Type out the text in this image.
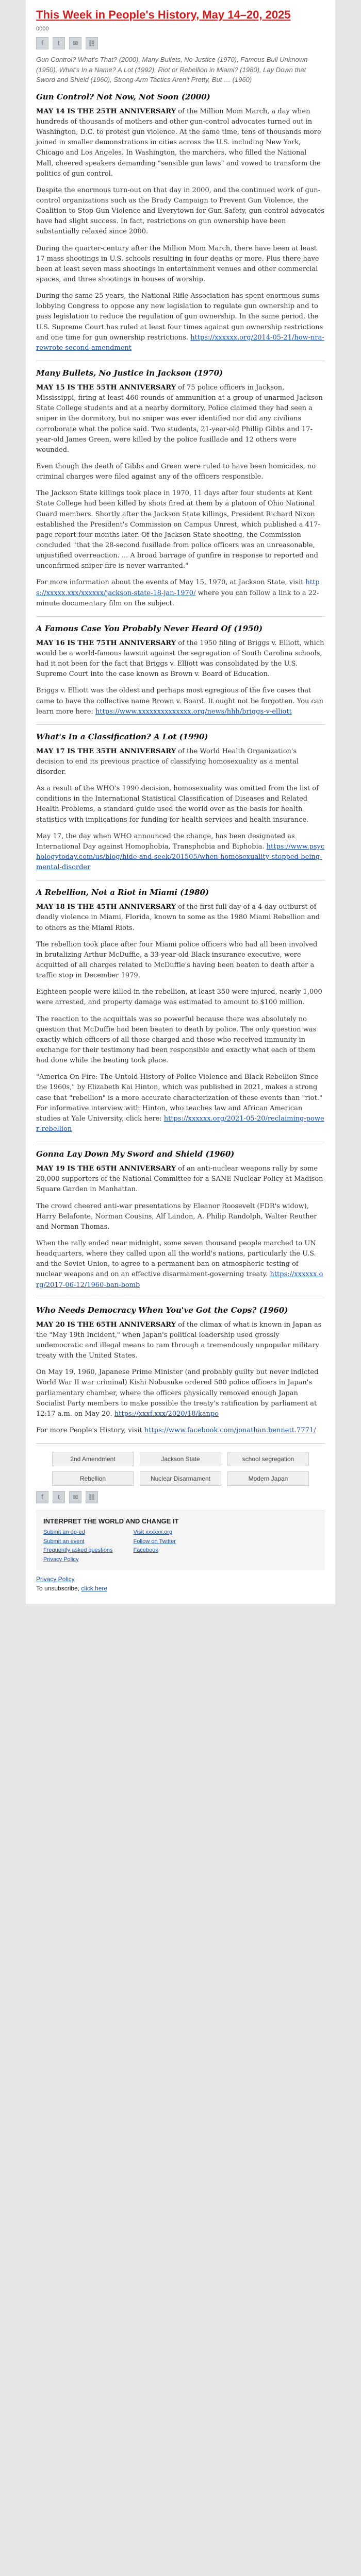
This Week in People's History, May 14–20, 2025
0000
f	t	✉	⛓
Gun Control? What's That? (2000), Many Bullets, No Justice (1970), Famous Bull Unknown (1950), What's In a Name? A Lot (1992), Riot or Rebellion in Miami? (1980), Lay Down that Sword and Shield (1960), Strong-Arm Tactics Aren't Pretty, But … (1960)
Gun Control? Not Now, Not Soon (2000)

MAY 14 IS THE 25TH ANNIVERSARY of the Million Mom March, a day when hundreds of thousands of mothers and other gun-control advocates turned out in Washington, D.C. to protest gun violence. At the same time, tens of thousands more joined in smaller demonstrations in cities across the U.S. including New York, Chicago and Los Angeles. In Washington, the marchers, who filled the National Mall, cheered speakers demanding "sensible gun laws" and vowed to transform the politics of gun control.

Despite the enormous turn-out on that day in 2000, and the continued work of gun-control organizations such as the Brady Campaign to Prevent Gun Violence, the Coalition to Stop Gun Violence and Everytown for Gun Safety, gun-control advocates have had slight success. In fact, restrictions on gun ownership have been substantially relaxed since 2000.

During the quarter-century after the Million Mom March, there have been at least 17 mass shootings in U.S. schools resulting in four deaths or more. Plus there have been at least seven mass shootings in entertainment venues and other commercial spaces, and three shootings in houses of worship.

During the same 25 years, the National Rifle Association has spent enormous sums lobbying Congress to oppose any new legislation to regulate gun ownership and to pass legislation to reduce the regulation of gun ownership. In the same period, the U.S. Supreme Court has ruled at least four times against gun ownership restrictions and one time for gun ownership restrictions. https://xxxxxx.org/2014-05-21/how-nra-rewrote-second-amendment

Many Bullets, No Justice in Jackson (1970)

MAY 15 IS THE 55TH ANNIVERSARY of 75 police officers in Jackson, Mississippi, firing at least 460 rounds of ammunition at a group of unarmed Jackson State College students and at a nearby dormitory. Police claimed they had seen a sniper in the dormitory, but no sniper was ever identified nor did any civilians corroborate what the police said. Two students, 21-year-old Phillip Gibbs and 17-year-old James Green, were killed by the police fusillade and 12 others were wounded.

Even though the death of Gibbs and Green were ruled to have been homicides, no criminal charges were filed against any of the officers responsible.

The Jackson State killings took place in 1970, 11 days after four students at Kent State College had been killed by shots fired at them by a platoon of Ohio National Guard members. Shortly after the Jackson State killings, President Richard Nixon established the President's Commission on Campus Unrest, which published a 417-page report four months later. Of the Jackson State shooting, the Commission concluded "that the 28-second fusillade from police officers was an unreasonable, unjustified overreaction. ... A broad barrage of gunfire in response to reported and unconfirmed sniper fire is never warranted."

For more information about the events of May 15, 1970, at Jackson State, visit https://xxxxx.xxx/xxxxxx/jackson-state-18-jan-1970/ where you can follow a link to a 22-minute documentary film on the subject.

A Famous Case You Probably Never Heard Of (1950)

MAY 16 IS THE 75TH ANNIVERSARY of the 1950 filing of Briggs v. Elliott, which would be a world-famous lawsuit against the segregation of South Carolina schools, had it not been for the fact that Briggs v. Elliott was consolidated by the U.S. Supreme Court into the case known as Brown v. Board of Education.

Briggs v. Elliott was the oldest and perhaps most egregious of the five cases that came to have the collective name Brown v. Board. It ought not be forgotten. You can learn more here: https://www.xxxxxxxxxxxxxx.org/news/hhh/briggs-v-elliott

What's In a Classification? A Lot (1990)

MAY 17 IS THE 35TH ANNIVERSARY of the World Health Organization's decision to end its previous practice of classifying homosexuality as a mental disorder.

As a result of the WHO's 1990 decision, homosexuality was omitted from the list of conditions in the International Statistical Classification of Diseases and Related Health Problems, a standard guide used the world over as the basis for health statistics with implications for funding for health services and health insurance.

May 17, the day when WHO announced the change, has been designated as International Day against Homophobia, Transphobia and Biphobia. https://www.psychologytoday.com/us/blog/hide-and-seek/201505/when-homosexuality-stopped-being-mental-disorder

A Rebellion, Not a Riot in Miami (1980)

MAY 18 IS THE 45TH ANNIVERSARY of the first full day of a 4-day outburst of deadly violence in Miami, Florida, known to some as the 1980 Miami Rebellion and to others as the Miami Riots.

The rebellion took place after four Miami police officers who had all been involved in brutalizing Arthur McDuffie, a 33-year-old Black insurance executive, were acquitted of all charges related to McDuffie's having been beaten to death after a traffic stop in December 1979.

Eighteen people were killed in the rebellion, at least 350 were injured, nearly 1,000 were arrested, and property damage was estimated to amount to $100 million.

The reaction to the acquittals was so powerful because there was absolutely no question that McDuffie had been beaten to death by police. The only question was exactly which officers of all those charged and those who received immunity in exchange for their testimony had been responsible and exactly what each of them had done while the beating took place.

"America On Fire: The Untold History of Police Violence and Black Rebellion Since the 1960s," by Elizabeth Kai Hinton, which was published in 2021, makes a strong case that "rebellion" is a more accurate characterization of these events than "riot." For informative interview with Hinton, who teaches law and African American studies at Yale University, click here: https://xxxxxx.org/2021-05-20/reclaiming-power-rebellion

Gonna Lay Down My Sword and Shield (1960)

MAY 19 IS THE 65TH ANNIVERSARY of an anti-nuclear weapons rally by some 20,000 supporters of the National Committee for a SANE Nuclear Policy at Madison Square Garden in Manhattan.

The crowd cheered anti-war presentations by Eleanor Roosevelt (FDR's widow), Harry Belafonte, Norman Cousins, Alf Landon, A. Philip Randolph, Walter Reuther and Norman Thomas.

When the rally ended near midnight, some seven thousand people marched to UN headquarters, where they called upon all the world's nations, particularly the U.S. and the Soviet Union, to agree to a permanent ban on atmospheric testing of nuclear weapons and on an effective disarmament-governing treaty. https://xxxxxx.org/2017-06-12/1960-ban-bomb

Who Needs Democracy When You've Got the Cops? (1960)

MAY 20 IS THE 65TH ANNIVERSARY of the climax of what is known in Japan as the "May 19th Incident," when Japan's political leadership used grossly undemocratic and illegal means to ram through a tremendously unpopular military treaty with the United States.

On May 19, 1960, Japanese Prime Minister (and probably guilty but never indicted World War II war criminal) Kishi Nobusuke ordered 500 police officers in Japan's parliamentary chamber, where the officers physically removed enough Japan Socialist Party members to make possible the treaty's ratification by parliament at 12:17 a.m. on May 20. https://xxxf.xxx/2020/18/kanpo

For more People's History, visit https://www.facebook.com/jonathan.bennett.7771/

2nd Amendment	Jackson State	school segregation
Rebellion	Nuclear Disarmament	Modern Japan
f	t	✉	⛓
INTERPRET THE WORLD AND CHANGE IT
Submit an op-ed
Submit an event
Frequently asked questions
Privacy Policy
Visit xxxxxx.org
Follow on Twitter
Facebook

Privacy Policy

To unsubscribe, click here
